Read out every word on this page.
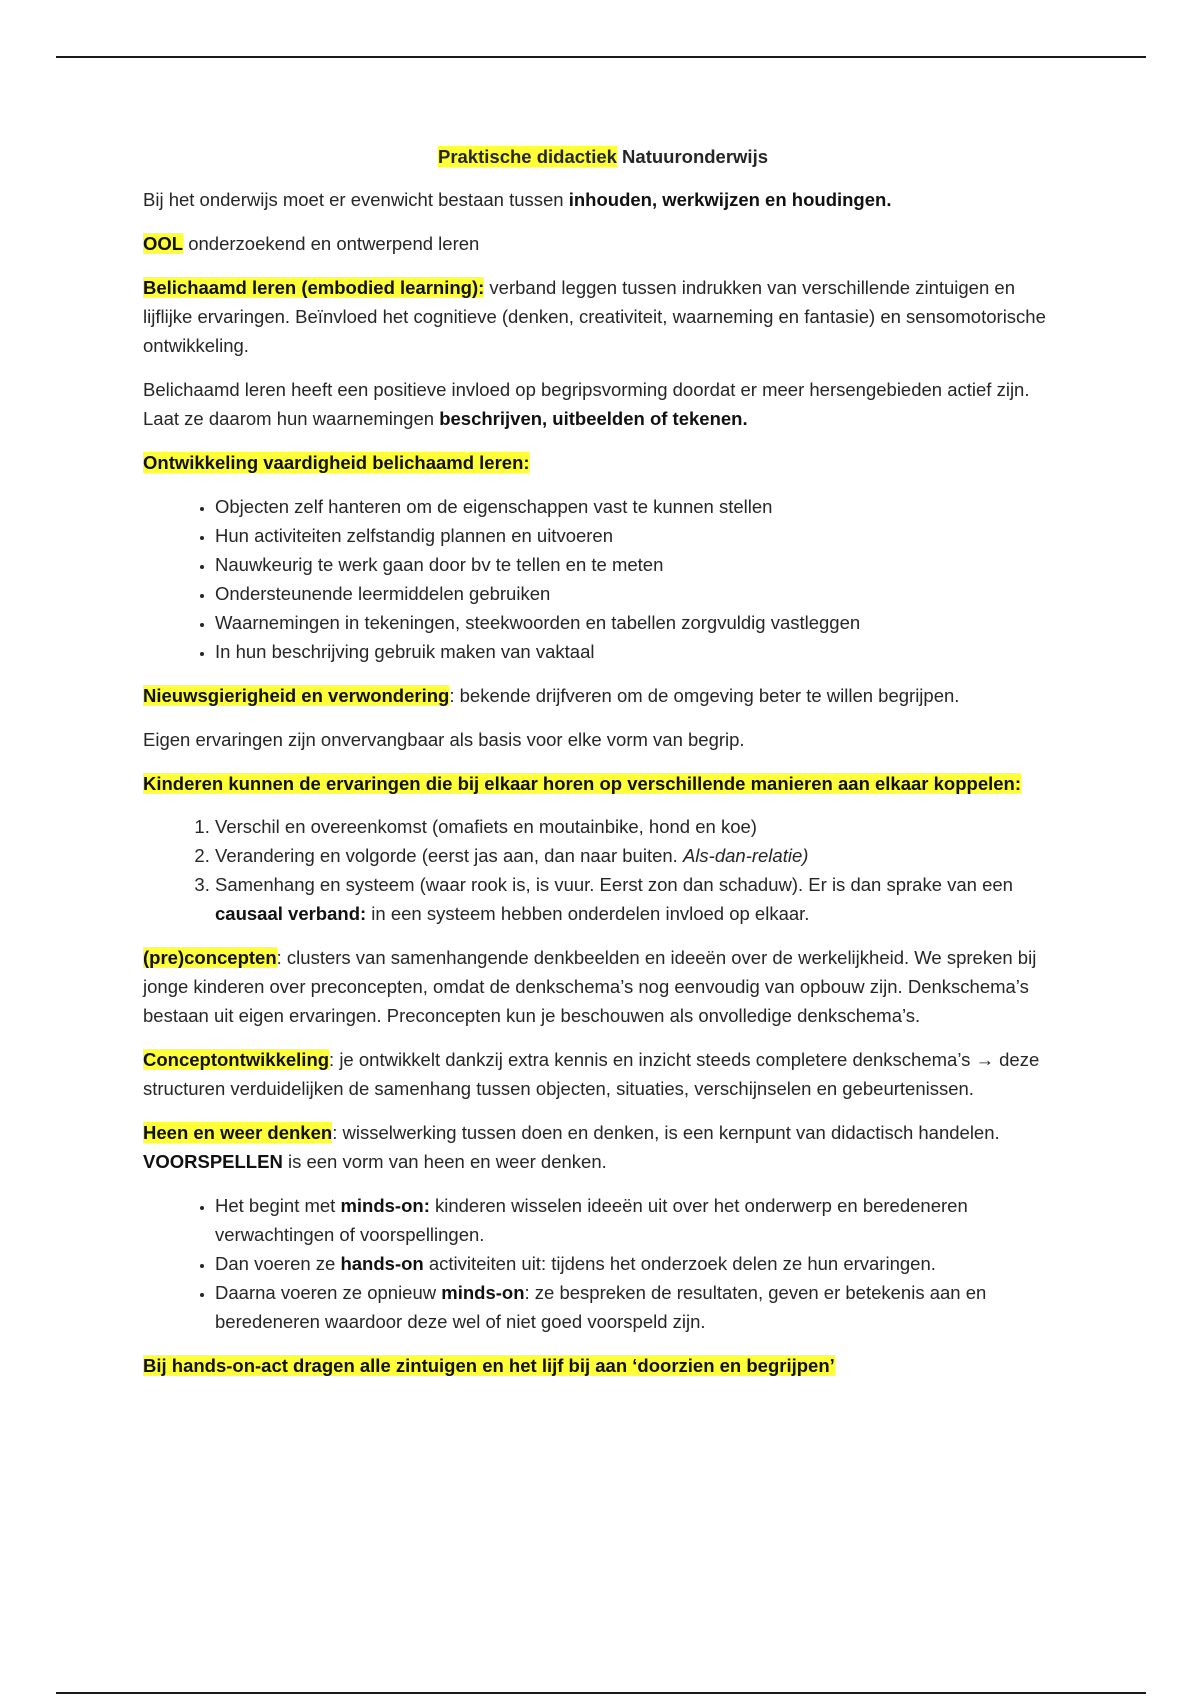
Praktische didactiek Natuuronderwijs

Bij het onderwijs moet er evenwicht bestaan tussen inhouden, werkwijzen en houdingen.

OOL onderzoekend en ontwerpend leren

Belichaamd leren (embodied learning): verband leggen tussen indrukken van verschillende zintuigen en lijflijke ervaringen. Beïnvloed het cognitieve (denken, creativiteit, waarneming en fantasie) en sensomotorische ontwikkeling.

Belichaamd leren heeft een positieve invloed op begripsvorming doordat er meer hersengebieden actief zijn. Laat ze daarom hun waarnemingen beschrijven, uitbeelden of tekenen.

Ontwikkeling vaardigheid belichaamd leren:

• Objecten zelf hanteren om de eigenschappen vast te kunnen stellen
• Hun activiteiten zelfstandig plannen en uitvoeren
• Nauwkeurig te werk gaan door bv te tellen en te meten
• Ondersteunende leermiddelen gebruiken
• Waarnemingen in tekeningen, steekwoorden en tabellen zorgvuldig vastleggen
• In hun beschrijving gebruik maken van vaktaal

Nieuwsgierigheid en verwondering: bekende drijfveren om de omgeving beter te willen begrijpen.

Eigen ervaringen zijn onvervangbaar als basis voor elke vorm van begrip.

Kinderen kunnen de ervaringen die bij elkaar horen op verschillende manieren aan elkaar koppelen:

1. Verschil en overeenkomst (omafiets en moutainbike, hond en koe)
2. Verandering en volgorde (eerst jas aan, dan naar buiten. Als-dan-relatie)
3. Samenhang en systeem (waar rook is, is vuur. Eerst zon dan schaduw). Er is dan sprake van een causaal verband: in een systeem hebben onderdelen invloed op elkaar.

(pre)concepten: clusters van samenhangende denkbeelden en ideeën over de werkelijkheid. We spreken bij jonge kinderen over preconcepten, omdat de denkschema’s nog eenvoudig van opbouw zijn. Denkschema’s bestaan uit eigen ervaringen. Preconcepten kun je beschouwen als onvolledige denkschema’s.

Conceptontwikkeling: je ontwikkelt dankzij extra kennis en inzicht steeds completere denkschema’s → deze structuren verduidelijken de samenhang tussen objecten, situaties, verschijnselen en gebeurtenissen.

Heen en weer denken: wisselwerking tussen doen en denken, is een kernpunt van didactisch handelen. VOORSPELLEN is een vorm van heen en weer denken.

• Het begint met minds-on: kinderen wisselen ideeën uit over het onderwerp en beredeneren verwachtingen of voorspellingen.
• Dan voeren ze hands-on activiteiten uit: tijdens het onderzoek delen ze hun ervaringen.
• Daarna voeren ze opnieuw minds-on: ze bespreken de resultaten, geven er betekenis aan en beredeneren waardoor deze wel of niet goed voorspeld zijn.

Bij hands-on-act dragen alle zintuigen en het lijf bij aan ‘doorzien en begrijpen’
